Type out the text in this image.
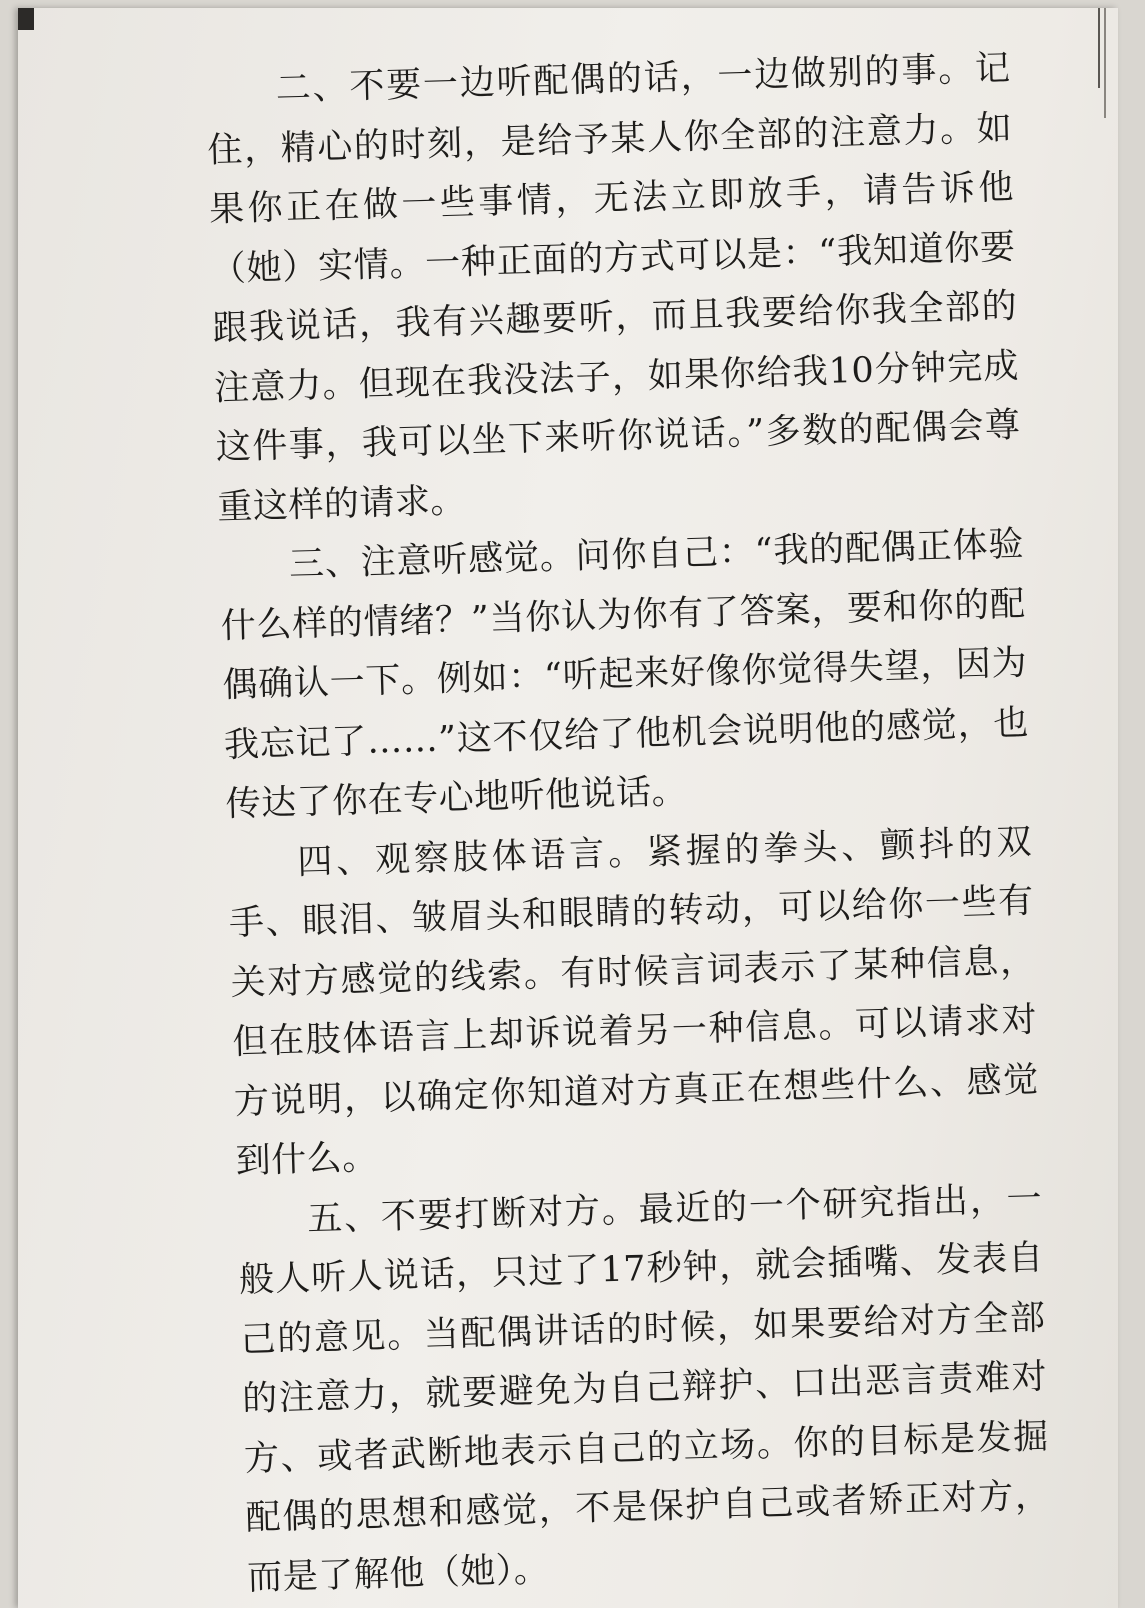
二、不要一边听配偶的话，一边做别的事。记住，精心的时刻，是给予某人你全部的注意力。如果你正在做一些事情，无法立即放手，请告诉他（她）实情。一种正面的方式可以是：“我知道你要跟我说话，我有兴趣要听，而且我要给你我全部的注意力。但现在我没法子，如果你给我10分钟完成这件事，我可以坐下来听你说话。”多数的配偶会尊重这样的请求。

三、注意听感觉。问你自己：“我的配偶正体验什么样的情绪？”当你认为你有了答案，要和你的配偶确认一下。例如：“听起来好像你觉得失望，因为我忘记了……”这不仅给了他机会说明他的感觉，也传达了你在专心地听他说话。

四、观察肢体语言。紧握的拳头、颤抖的双手、眼泪、皱眉头和眼睛的转动，可以给你一些有关对方感觉的线索。有时候言词表示了某种信息，但在肢体语言上却诉说着另一种信息。可以请求对方说明，以确定你知道对方真正在想些什么、感觉到什么。

五、不要打断对方。最近的一个研究指出，一般人听人说话，只过了17秒钟，就会插嘴、发表自己的意见。当配偶讲话的时候，如果要给对方全部的注意力，就要避免为自己辩护、口出恶言责难对方、或者武断地表示自己的立场。你的目标是发掘配偶的思想和感觉，不是保护自己或者矫正对方，而是了解他（她）。
